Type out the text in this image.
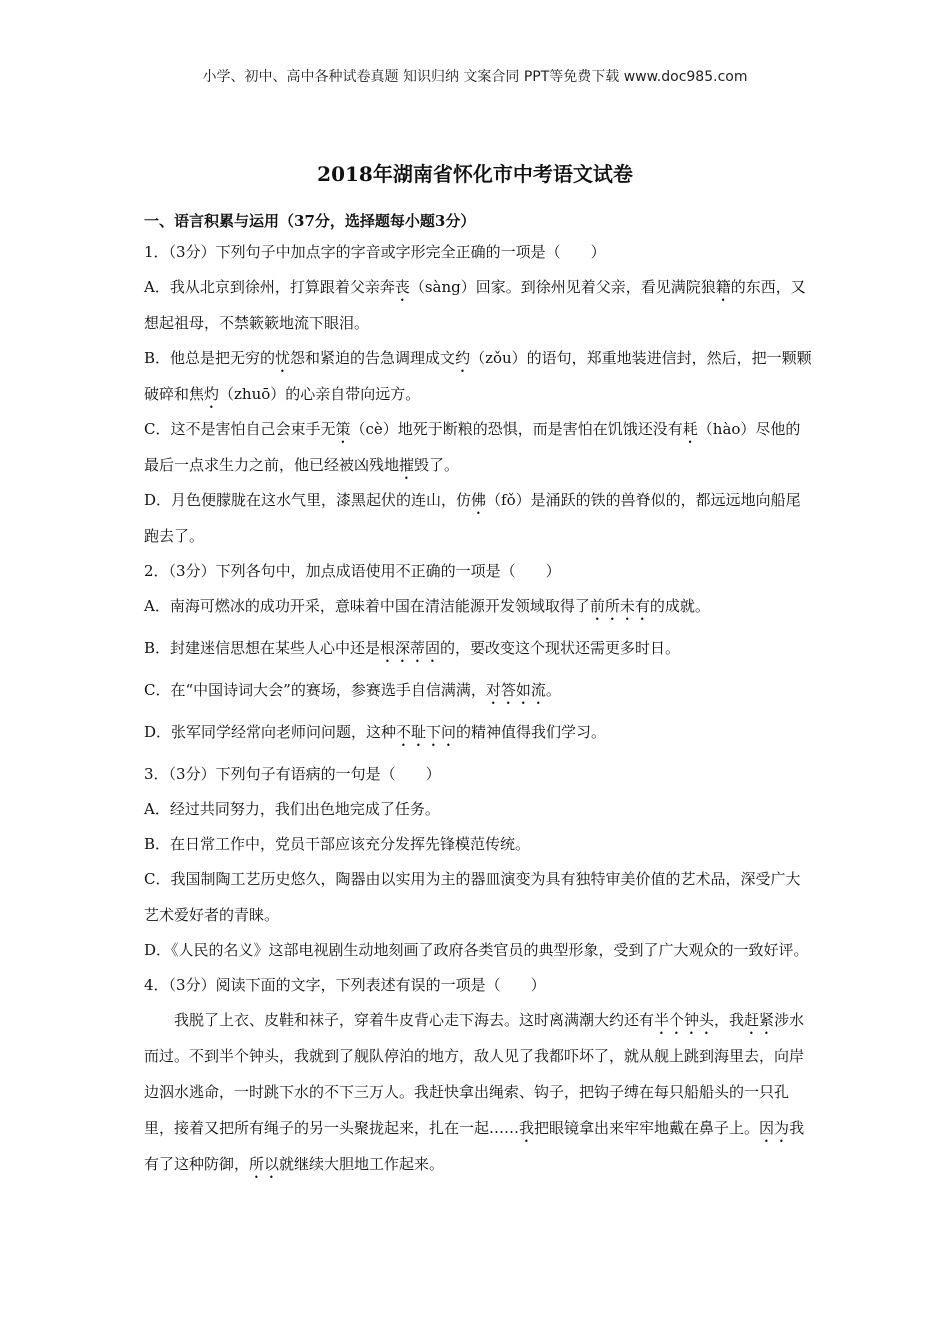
小学、初中、高中各种试卷真题 知识归纳 文案合同 PPT等免费下载 www.doc985.com
2018年湖南省怀化市中考语文试卷
一、语言积累与运用（37分，选择题每小题3分）
1．（3分）下列句子中加点字的字音或字形完全正确的一项是（　　）
A．我从北京到徐州，打算跟着父亲奔丧（sàng）回家。到徐州见着父亲，看见满院狼籍的东西，又想起祖母，不禁簌簌地流下眼泪。
B．他总是把无穷的忧怨和紧迫的告急调理成文约（zǒu）的语句，郑重地装进信封，然后，把一颗颗破碎和焦灼（zhuō）的心亲自带向远方。
C．这不是害怕自己会束手无策（cè）地死于断粮的恐惧，而是害怕在饥饿还没有耗（hào）尽他的最后一点求生力之前，他已经被凶残地摧毁了。
D．月色便朦胧在这水气里，漆黑起伏的连山，仿佛（fǒ）是涌跃的铁的兽脊似的，都远远地向船尾跑去了。
2．（3分）下列各句中，加点成语使用不正确的一项是（　　）
A．南海可燃冰的成功开采，意味着中国在清洁能源开发领域取得了前所未有的成就。
B．封建迷信思想在某些人心中还是根深蒂固的，要改变这个现状还需更多时日。
C．在“中国诗词大会”的赛场，参赛选手自信满满，对答如流。
D．张军同学经常向老师问问题，这种不耻下问的精神值得我们学习。
3．（3分）下列句子有语病的一句是（　　）
A．经过共同努力，我们出色地完成了任务。
B．在日常工作中，党员干部应该充分发挥先锋模范传统。
C．我国制陶工艺历史悠久，陶器由以实用为主的器皿演变为具有独特审美价值的艺术品，深受广大艺术爱好者的青睐。
D．《人民的名义》这部电视剧生动地刻画了政府各类官员的典型形象，受到了广大观众的一致好评。
4．（3分）阅读下面的文字，下列表述有误的一项是（　　）
我脱了上衣、皮鞋和袜子，穿着牛皮背心走下海去。这时离满潮大约还有半个钟头，我赶紧涉水而过。不到半个钟头，我就到了舰队停泊的地方，敌人见了我都吓坏了，就从舰上跳到海里去，向岸边泅水逃命，一时跳下水的不下三万人。我赶快拿出绳索、钩子，把钩子缚在每只船船头的一只孔里，接着又把所有绳子的另一头聚拢起来，扎在一起……我把眼镜拿出来牢牢地戴在鼻子上。因为我有了这种防御，所以就继续大胆地工作起来。
